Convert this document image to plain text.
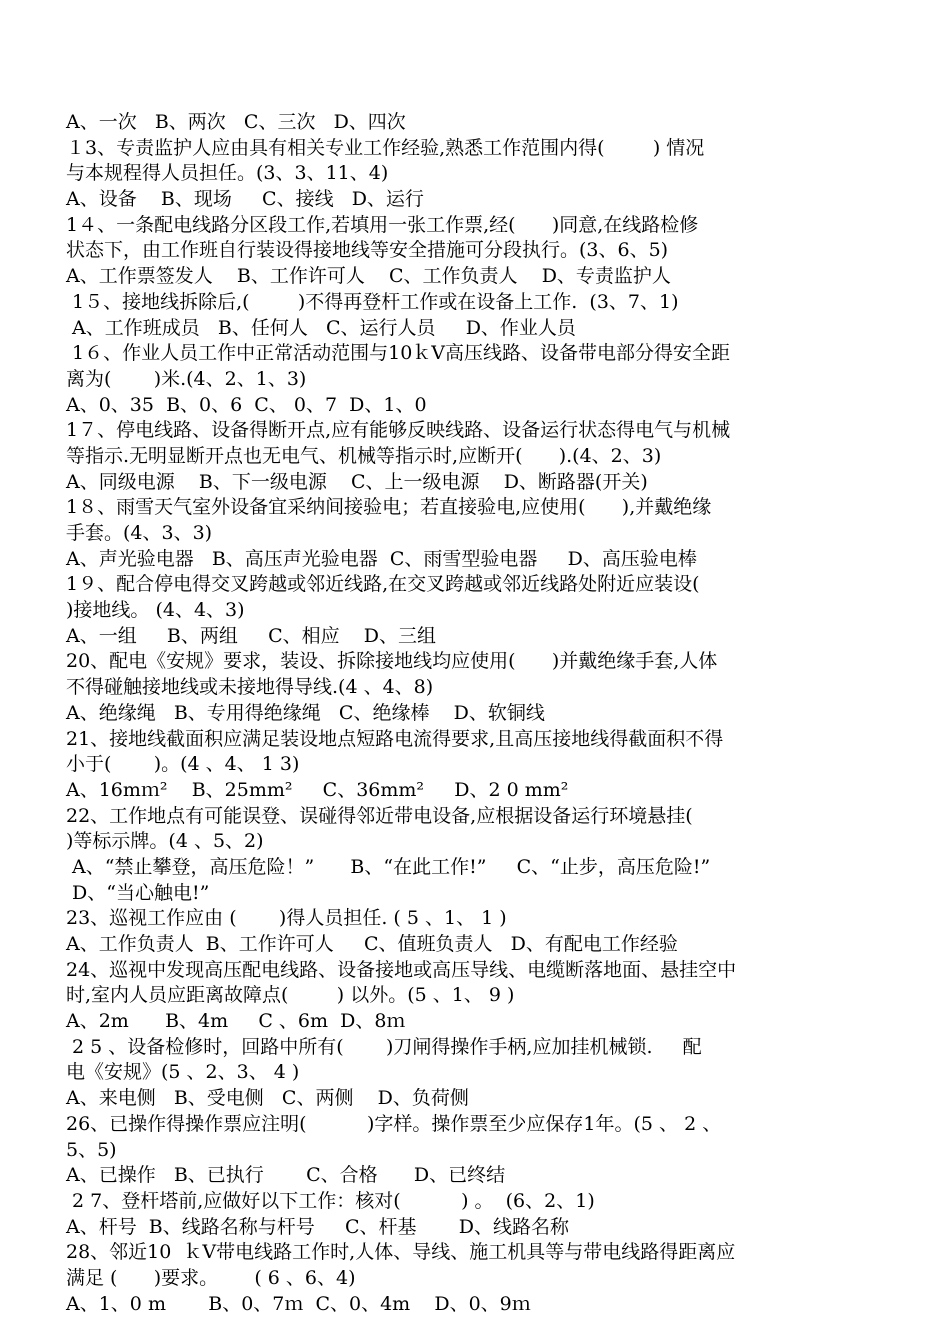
A、一次   B、两次   C、三次   D、四次
１3、专责监护人应由具有相关专业工作经验,熟悉工作范围内得(        ) 情况
与本规程得人员担任。(3、3、11、4)
A、设备    B、现场     C、接线   D、运行
1４、一条配电线路分区段工作,若填用一张工作票,经(      )同意,在线路检修
状态下，由工作班自行装设得接地线等安全措施可分段执行。(3、6、5)
A、工作票签发人    B、工作许可人    C、工作负责人    D、专责监护人
1５、接地线拆除后,(        )不得再登杆工作或在设备上工作.  (3、7、1)
A、工作班成员   B、任何人   C、运行人员     D、作业人员
1６、作业人员工作中正常活动范围与10ｋV高压线路、设备带电部分得安全距
离为(       )米.(4、2、1、3)
A、0、35  B、0、6  C、 0、7  D、1、0
1７、停电线路、设备得断开点,应有能够反映线路、设备运行状态得电气与机械
等指示.无明显断开点也无电气、机械等指示时,应断开(      ).(4、2、3)
A、同级电源    B、下一级电源    C、上一级电源    D、断路器(开关)
1８、雨雪天气室外设备宜采纳间接验电；若直接验电,应使用(      ),并戴绝缘
手套。(4、3、3)
A、声光验电器   B、高压声光验电器  C、雨雪型验电器     D、高压验电棒
1９、配合停电得交叉跨越或邻近线路,在交叉跨越或邻近线路处附近应装设(
)接地线。 (4、4、3)
A、一组     B、两组     C、相应    D、三组
20、配电《安规》要求，装设、拆除接地线均应使用(      )并戴绝缘手套,人体
不得碰触接地线或未接地得导线.(4 、4、8)
A、绝缘绳   B、专用得绝缘绳   C、绝缘棒    D、软铜线
21、接地线截面积应满足装设地点短路电流得要求,且高压接地线得截面积不得
小于(       )。(4 、4、 1 3)
A、16mｍ²    B、25mm²     C、36mm²     D、2 0 mm²
22、工作地点有可能误登、误碰得邻近带电设备,应根据设备运行环境悬挂(
)等标示牌。(4 、5、2)
A、“禁止攀登，高压危险！”      B、“在此工作!”     C、“止步，高压危险!”
D、“当心触电!”
23、巡视工作应由 (       )得人员担任. ( 5 、1、 1 )
A、工作负责人  B、工作许可人     C、值班负责人   D、有配电工作经验
24、巡视中发现高压配电线路、设备接地或高压导线、电缆断落地面、悬挂空中
时,室内人员应距离故障点(        ) 以外。(5 、1、 9 )
A、2m      B、4m     C 、6m  D、8ｍ
2 5 、设备检修时，回路中所有(       )刀闸得操作手柄,应加挂机械锁.     配
电《安规》(5 、2、3、 4 )
A、来电侧   B、受电侧   C、两侧    D、负荷侧
26、已操作得操作票应注明(          )字样。操作票至少应保存1年。(5 、 2 、
5、5)
A、已操作   B、已执行       C、合格      D、已终结
2 7、登杆塔前,应做好以下工作：核对(          ) 。  (6、2、1)
A、杆号  B、线路名称与杆号     C、杆基       D、线路名称
28、邻近10  ｋV带电线路工作时,人体、导线、施工机具等与带电线路得距离应
满足 (      )要求。      ( 6 、6、4)
A、1、0 m       B、0、7ｍ  C、0、4m    D、0、9ｍ
